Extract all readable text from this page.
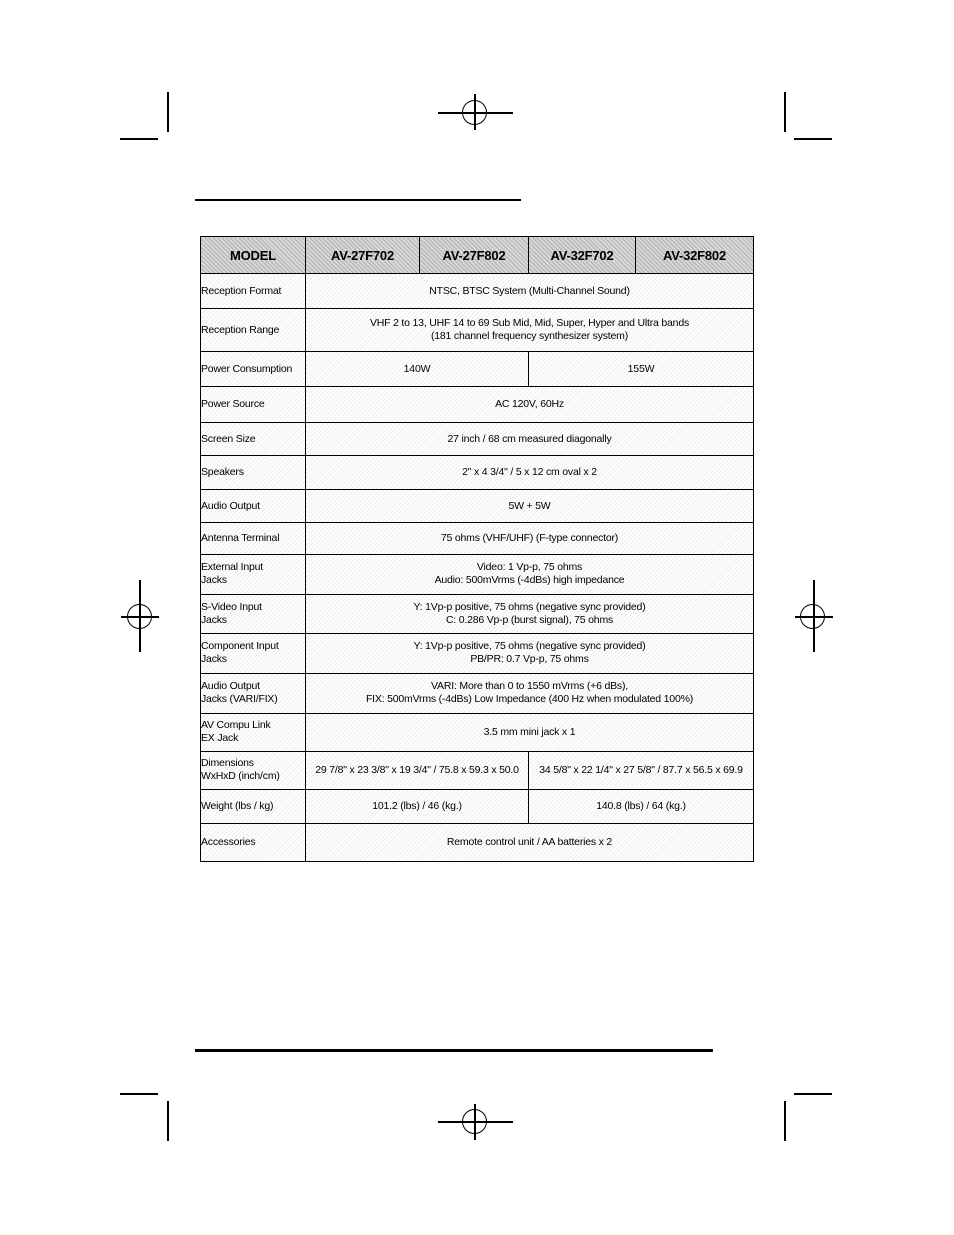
MODEL	AV-27F702	AV-27F802	AV-32F702	AV-32F802
Reception Format	NTSC, BTSC System (Multi-Channel Sound)			
Reception Range	VHF 2 to 13, UHF 14 to 69 Sub Mid, Mid, Super, Hyper and Ultra bands
(181 channel frequency synthesizer system)			

Power Consumption	140W		155W	
Power Source	AC 120V, 60Hz			
Screen Size	27 inch / 68 cm measured diagonally			
Speakers	2" x 4 3/4" / 5 x 12 cm oval x 2			
Audio Output	5W + 5W			
Antenna Terminal	75 ohms (VHF/UHF) (F-type connector)			

External Input
Jacks	Video: 1 Vp-p, 75 ohms
Audio: 500mVrms (-4dBs) high impedance			

S-Video Input
Jacks	Y: 1Vp-p positive, 75 ohms (negative sync provided)
C: 0.286 Vp-p (burst signal), 75 ohms			

Component Input
Jacks	Y: 1Vp-p positive, 75 ohms (negative sync provided)
PB/PR: 0.7 Vp-p, 75 ohms			

Audio Output
Jacks (VARI/FIX)	VARI: More than 0 to 1550 mVrms (+6 dBs),
FIX: 500mVrms (-4dBs) Low Impedance (400 Hz when modulated 100%)			

AV Compu Link
EX Jack	3.5 mm mini jack x 1			

Dimensions
WxHxD (inch/cm)	29 7/8" x 23 3/8" x 19 3/4" / 75.8 x 59.3 x 50.0		34 5/8" x 22 1/4" x 27 5/8" / 87.7 x 56.5 x 69.9	
Weight (lbs / kg)	101.2 (lbs) / 46 (kg.)		140.8 (lbs) / 64 (kg.)	
Accessories	Remote control unit / AA batteries x 2			
